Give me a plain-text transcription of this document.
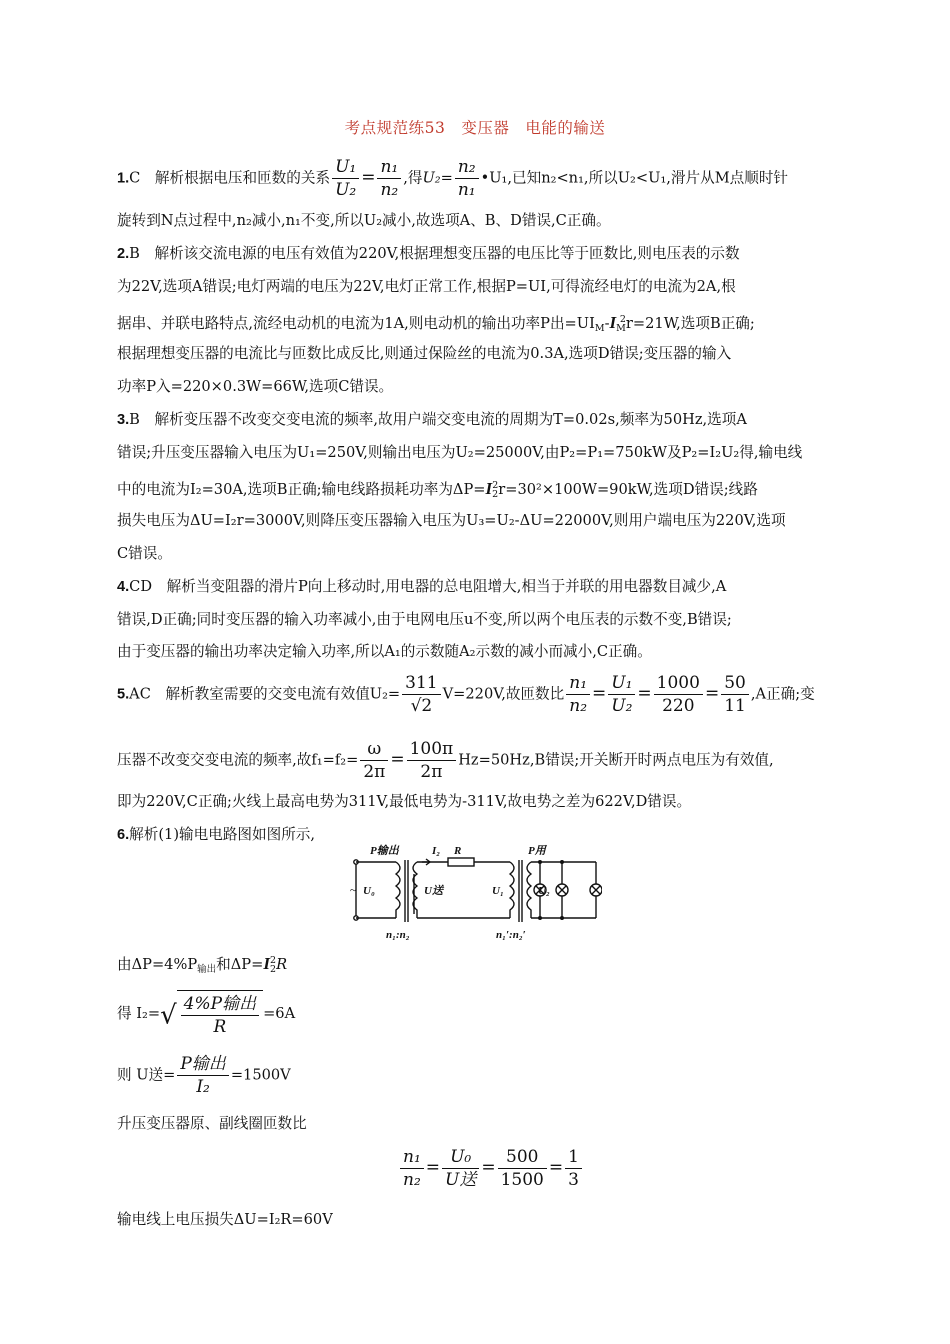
考点规范练53　变压器　电能的输送
1.C　解析根据电压和匝数的关系 $\frac{\text{U₁}}{\text{U₂}} = \frac{\text{n₁}}{\text{n₂}}$ ,得$U_2= \frac{\text{n₂}}{\text{n₁}}$ •U₁,已知n₂<n₁,所以U₂<U₁,滑片从M点顺时针
旋转到N点过程中,n₂减小,n₁不变,所以U₂减小,故选项A、B、D错误,C正确。
2.B　解析该交流电源的电压有效值为220V,根据理想变压器的电压比等于匝数比,则电压表的示数
为22V,选项A错误;电灯两端的电压为22V,电灯正常工作,根据P=UI,可得流经电灯的电流为2A,根
据串、并联电路特点,流经电动机的电流为1A,则电动机的输出功率P出$=UI_M-I_M^2r=21W$,选项B正确;
根据理想变压器的电流比与匝数比成反比,则通过保险丝的电流为0.3A,选项D错误;变压器的输入
功率P入=220×0.3W=66W,选项C错误。
3.B　解析变压器不改变交变电流的频率,故用户端交变电流的周期为T=0.02s,频率为50Hz,选项A
错误;升压变压器输入电压为U₁=250V,则输出电压为U₂=25000V,由P₂=P₁=750kW及P₂=I₂U₂得,输电线
中的电流为I₂=30A,选项B正确;输电线路损耗功率为$\Delta P=I_2^2r=30^2\times 100W=90kW$,选项D错误;线路
损失电压为ΔU=I₂r=3000V,则降压变压器输入电压为U₃=U₂-ΔU=22000V,则用户端电压为220V,选项
C错误。
4.CD　解析当变阻器的滑片P向上移动时,用电器的总电阻增大,相当于并联的用电器数目减少,A
错误,D正确;同时变压器的输入功率减小,由于电网电压u不变,所以两个电压表的示数不变,B错误;
由于变压器的输出功率决定输入功率,所以A₁的示数随A₂示数的减小而减小,C正确。
5.AC　解析教室需要的交变电流有效值$U_2= \frac{311}{√2} V=220V$,故匝数比 $\frac{\text{n₁}}{\text{n₂}} = \frac{\text{U₁}}{\text{U₂}} = \frac{1000}{220} = \frac{50}{11} ,A$正确;变
压器不改变交变电流的频率,故$f_1=f_2= \frac{\omega}{2\pi} = \frac{100\pi}{2\pi} Hz=50Hz,B$错误;开关断开时两点电压为有效值,
即为220V,C正确;火线上最高电势为311V,最低电势为-311V,故电势之差为622V,D错误。
6.解析(1)输电电路图如图所示,
P输出	I₂ R	P用
U₀	U送	U₁	U₂
n₁:n₂	n₁′:n₂′
~
由$\Delta P=4\%P_{输出}$和$\Delta P=I_2^2R$
得 $I_2=√ \frac{\text{4\%P输出}}{R} =6A$
则 U送= $\frac{\text{P输出}}{\text{I₂}} =1500V$
升压变压器原、副线圈匝数比
$\frac{\text{n₁}}{\text{n₂}} = \frac{\text{U₀}}{\text{U送}} = \frac{500}{1500} = \frac{1}{3}$
输电线上电压损失ΔU=I₂R=60V
